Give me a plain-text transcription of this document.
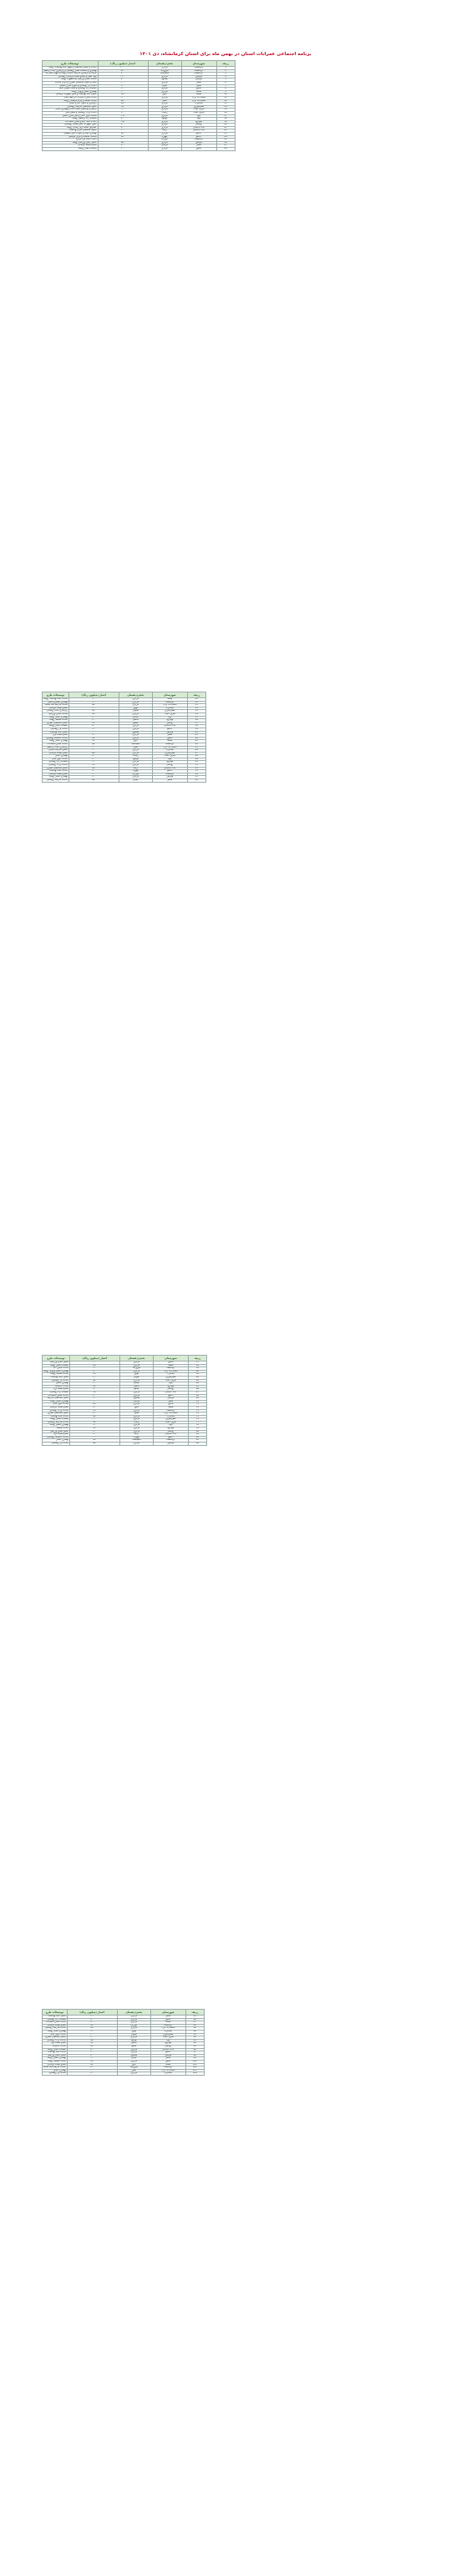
برنامه اجتماعی عمرانات استان در بهمن ماه برای استان کرمانشاه، دی ۱۴۰۱
ردیف	شهرستان	بخش/دهستان	اعتبار (میلیون ریال)	توضیحات طرح
1	کرمانشاه	مرکزی	۲۰۰۰	احداث و تکمیل ساختمان و تجهیز خانه بهداشت روستا
2	کرمانشاه	فیروزآباد	۱۵۰۰	بهسازی و آسفالت معابر روستایی و زیرسازی جاده ارتباطی
3	کرمانشاه	ماهیدشت	۹۰۰	مرمت و بازسازی مدرسه ابتدایی روستا و تجهیز کلاس ها
4	هرسین	مرکزی	۱۲۰۰	لوله کشی و اصلاح شبکه آبرسانی روستایی
5	هرسین	بیستون	۸۰۰	ساخت سالن ورزشی چندمنظوره روستا
6	سنقر	مرکزی	۱۰۰۰	ایجاد و تکمیل ساختمان دهیاری و مرکز خدمات
7	سنقر	کلیایی	۷۰۰	احداث پل روستایی و دیواره سازی مسیل
8	کنگاور	مرکزی	۱۱۰۰	آسفالت راه روستایی و نصب تابلو و علائم
9	صحنه	مرکزی	۶۰۰	بهسازی مسیر ورودی روستا
10	صحنه	دینور	۹۵۰	تکمیل خانه بهداشت و تامین تجهیزات پزشکی
11	اسلام آباد غرب	مرکزی	۱۳۰۰	احداث مخزن ذخیره آب و خط انتقال
12	اسلام آباد غرب	حمیل	۸۵۰	مرمت مسجد و مرکز فرهنگی روستا
13	گیلانغرب	مرکزی	۷۵۰	زیرسازی و جدول گذاری معابر
14	قصرشیرین	مرکزی	۶۵۰	تکمیل ساختمان مدرسه روستایی
15	سرپل ذهاب	مرکزی	۱۴۰۰	بازسازی واحدهای آسیب دیده و بهسازی معابر
16	سرپل ذهاب	ریجاب	۹۰۰	احداث پارک روستایی و فضای سبز
17	پاوه	مرکزی	۱۰۵۰	ساخت دیوار حائل و ایمن سازی مسیر
18	پاوه	نوسود	۸۰۰	آسفالت راه ارتباطی روستا
19	جوانرود	مرکزی	۱۲۵۰	احداث خانه عالم و سالن اجتماعات
20	روانسر	مرکزی	۷۰۰	تامین تجهیزات آتش نشانی روستایی
21	ثلاث باباجانی	مرکزی	۹۰۰	گسترش شبکه برق رسانی روستا
22	ثلاث باباجانی	ازگله	۶۰۰	تکمیل ساختمان مرکز بهداشت
23	دالاهو	مرکزی	۸۵۰	بهسازی معابر و دفع آب های سطحی
24	دالاهو	گهواره	۷۵۰	ساخت کتابخانه و مرکز فرهنگی
25	کرمانشاه	کوزران	۱۰۰۰	احداث جاده بین مزارع
26	هرسین	مرکزی	۵۵۰	تکمیل زمین ورزشی روستا
27	سنقر	فرامان	۸۰۰	اصلاح شبکه آبرسانی
28	کنگاور	مرکزی	۶۰۰	آسفالت معابر روستا
ردیف	شهرستان	بخش/دهستان	اعتبار (میلیون ریال)	توضیحات طرح
29	صحنه	مرکزی	۷۰۰	احداث خانه بهداشت روستا
30	کرمانشاه	مرکزی	۹۰۰	بهسازی مسیر و معابر
31	اسلام آباد غرب	مرکزی	۸۵۰	احداث مدرسه سه کلاسه
32	گیلانغرب	گواور	۶۰۰	اصلاح شبکه آبرسانی
33	قصرشیرین	سومار	۷۵۰	زیرسازی جاده روستایی
34	سرپل ذهاب	مرکزی	۹۵۰	ساخت سالن ورزشی
35	پاوه	باینگان	۸۰۰	بهسازی معابر روستا
36	جوانرود	کلاشی	۷۰۰	احداث مسجد روستا
37	روانسر	شاهو	۶۵۰	تکمیل ساختمان دهیاری
38	ثلاث باباجانی	مرکزی	۸۰۰	آسفالت معابر روستا
39	دالاهو	مرکزی	۷۰۰	احداث پل روستایی
40	هرسین	بیستون	۶۰۰	تکمیل خانه بهداشت
41	سنقر	مرکزی	۹۰۰	اصلاح شبکه برق
42	کنگاور	مرکزی	۷۵۰	احداث کتابخانه روستایی
43	صحنه	دینور	۶۵۰	بهسازی معابر روستا
44	کرمانشاه	ماهیدشت	۸۵۰	احداث سالن اجتماعات
45	اسلام آباد غرب	حمیل	۷۰۰	زیرسازی جاده ارتباطی
46	گیلانغرب	مرکزی	۶۰۰	تکمیل مدرسه ابتدایی
47	قصرشیرین	مرکزی	۵۵۰	اصلاح شبکه آبرسانی
48	سرپل ذهاب	ریجاب	۸۰۰	بهسازی معابر
49	پاوه	نوسود	۷۰۰	احداث دیوار حائل
50	جوانرود	مرکزی	۹۰۰	آسفالت راه روستایی
51	روانسر	مرکزی	۶۵۰	احداث پارک روستایی
52	ثلاث باباجانی	ازگله	۷۵۰	تکمیل ساختمان دهیاری
53	دالاهو	گهواره	۸۰۰	احداث خانه بهداشت
54	کرمانشاه	کوزران	۶۰۰	اصلاح شبکه آبرسانی
55	هرسین	مرکزی	۷۰۰	بهسازی معابر روستا
56	سنقر	کلیایی	۸۵۰	احداث مدرسه روستایی
ردیف	شهرستان	بخش/دهستان	اعتبار (میلیون ریال)	توضیحات طرح
57	کنگاور	مرکزی	۶۰۰	تکمیل سالن ورزشی
58	صحنه	مرکزی	۷۵۰	آسفالت معابر روستا
59	کرمانشاه	فیروزآباد	۹۰۰	احداث مخزن آب
60	اسلام آباد غرب	مرکزی	۸۰۰	بهسازی مسیر ورودی روستا
61	گیلانغرب	گواور	۶۵۰	احداث مسجد روستا
62	قصرشیرین	سومار	۷۰۰	تکمیل خانه بهداشت
63	سرپل ذهاب	مرکزی	۸۵۰	احداث پل روستایی
64	پاوه	باینگان	۶۰۰	بهسازی معابر
65	جوانرود	کلاشی	۷۵۰	احداث کتابخانه
66	روانسر	شاهو	۸۰۰	اصلاح شبکه برق
67	ثلاث باباجانی	مرکزی	۶۵۰	آسفالت راه روستایی
68	دالاهو	مرکزی	۷۰۰	احداث سالن اجتماعات
69	هرسین	بیستون	۹۰۰	تکمیل ساختمان مدرسه
70	سنقر	فرامان	۶۰۰	بهسازی معابر روستا
71	کنگاور	مرکزی	۷۵۰	احداث دیوار حائل
72	صحنه	دینور	۸۰۰	اصلاح شبکه آبرسانی
73	کرمانشاه	مرکزی	۶۵۰	احداث پارک روستایی
74	اسلام آباد غرب	حمیل	۷۰۰	تکمیل ساختمان دهیاری
75	گیلانغرب	مرکزی	۸۵۰	احداث خانه بهداشت
76	قصرشیرین	مرکزی	۶۰۰	آسفالت معابر روستا
77	سرپل ذهاب	ریجاب	۷۵۰	احداث مدرسه روستایی
78	پاوه	مرکزی	۹۰۰	بهسازی مسیر روستا
79	جوانرود	مرکزی	۶۵۰	احداث مسجد
80	روانسر	مرکزی	۷۰۰	تکمیل سالن ورزشی
81	ثلاث باباجانی	ازگله	۸۰۰	اصلاح شبکه برق
82	دالاهو	گهواره	۶۰۰	احداث کتابخانه روستایی
83	کرمانشاه	ماهیدشت	۷۵۰	بهسازی معابر
84	هرسین	مرکزی	۸۵۰	احداث پل روستایی
ردیف	شهرستان	بخش/دهستان	اعتبار (میلیون ریال)	توضیحات طرح
85	سنقر	مرکزی	۶۰۰	تکمیل خانه بهداشت
86	کنگاور	مرکزی	۷۰۰	آسفالت راه روستایی
87	صحنه	مرکزی	۸۰۰	احداث سالن اجتماعات
88	کرمانشاه	کوزران	۶۵۰	اصلاح شبکه آبرسانی
89	اسلام آباد غرب	مرکزی	۷۵۰	احداث مدرسه روستایی
90	گیلانغرب	گواور	۹۰۰	بهسازی معابر روستا
91	قصرشیرین	سومار	۶۰۰	احداث دیوار حائل
92	سرپل ذهاب	مرکزی	۷۰۰	تکمیل ساختمان دهیاری
93	پاوه	نوسود	۸۵۰	احداث پارک روستایی
94	جوانرود	کلاشی	۶۵۰	اصلاح شبکه برق
95	روانسر	شاهو	۷۵۰	احداث کتابخانه
96	ثلاث باباجانی	مرکزی	۸۰۰	آسفالت معابر روستا
97	دالاهو	مرکزی	۶۰۰	احداث خانه بهداشت
98	هرسین	بیستون	۷۰۰	تکمیل سالن ورزشی
99	سنقر	کلیایی	۹۰۰	بهسازی مسیر روستا
100	کنگاور	مرکزی	۶۵۰	احداث مسجد روستا
101	صحنه	دینور	۷۵۰	اصلاح شبکه آبرسانی
102	کرمانشاه	فیروزآباد	۸۰۰	احداث مدرسه سه کلاسه
103	اسلام آباد غرب	حمیل	۶۰۰	بهسازی معابر
104	گیلانغرب	مرکزی	۷۰۰	احداث پل روستایی
